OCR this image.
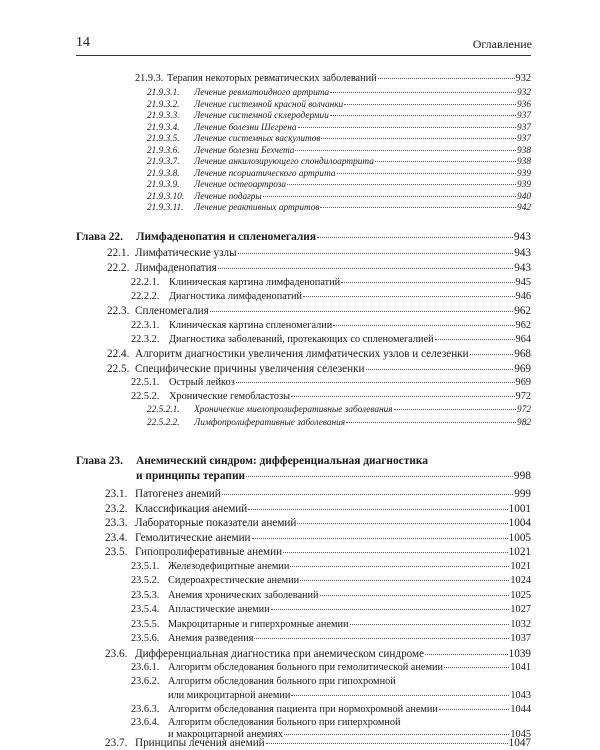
14	Оглавление
21.9.3. Терапия некоторых ревматических заболеваний	932
21.9.3.1.	Лечение ревматоидного артрита	932
21.9.3.2.	Лечение системной красной волчанки	936
21.9.3.3.	Лечение системной склеродермии	937
21.9.3.4.	Лечение болезни Шегрена	937
21.9.3.5.	Лечение системных васкулитов	937
21.9.3.6.	Лечение болезни Бехчета	938
21.9.3.7.	Лечение анкилозирующего спондилоартрита	938
21.9.3.8.	Лечение псориатического артрита	939
21.9.3.9.	Лечение остеоартроза	939
21.9.3.10.	Лечение подагры	940
21.9.3.11.	Лечение реактивных артритов	942
Глава 22.	Лимфаденопатия и спленомегалия	943
22.1. Лимфатические узлы	943
22.2. Лимфаденопатия	943
22.2.1. Клиническая картина лимфаденопатий	945
22.2.2. Диагностика лимфаденопатий	946
22.3. Спленомегалия	962
22.3.1. Клиническая картина спленомегалии	962
22.3.2. Диагностика заболеваний, протекающих со спленомегалией	964
22.4. Алгоритм диагностики увеличения лимфатических узлов и селезенки	968
22.5. Специфические причины увеличения селезенки	969
22.5.1. Острый лейкоз	969
22.5.2. Хронические гемобластозы	972
22.5.2.1.	Хронические миелопролиферативные заболевания	972
22.5.2.2.	Лимфопролиферативные заболевания	982
Глава 23. Анемический синдром: дифференциальная диагностика
и принципы терапии	998
23.1. Патогенез анемий	999
23.2. Классификация анемий	1001
23.3. Лабораторные показатели анемий	1004
23.4. Гемолитические анемии	1005
23.5. Гипопролиферативные анемии	1021
23.5.1. Железодефицитные анемии	1021
23.5.2. Сидероахрестические анемии	1024
23.5.3. Анемия хронических заболеваний	1025
23.5.4. Апластические анемии	1027
23.5.5. Макроцитарные и гиперхромные анемии	1032
23.5.6. Анемия разведения	1037
23.6. Дифференциальная диагностика при анемическом синдроме	1039
23.6.1. Алгоритм обследования больного при гемолитической анемии	1041
23.6.2. Алгоритм обследования больного при гипохромной
или микроцитарной анемии	1043
23.6.3. Алгоритм обследования пациента при нормохромной анемии	1044
23.6.4. Алгоритм обследования больного при гиперхромной
и макроцитарной анемиях	1045
23.7. Принципы лечения анемий	1047
